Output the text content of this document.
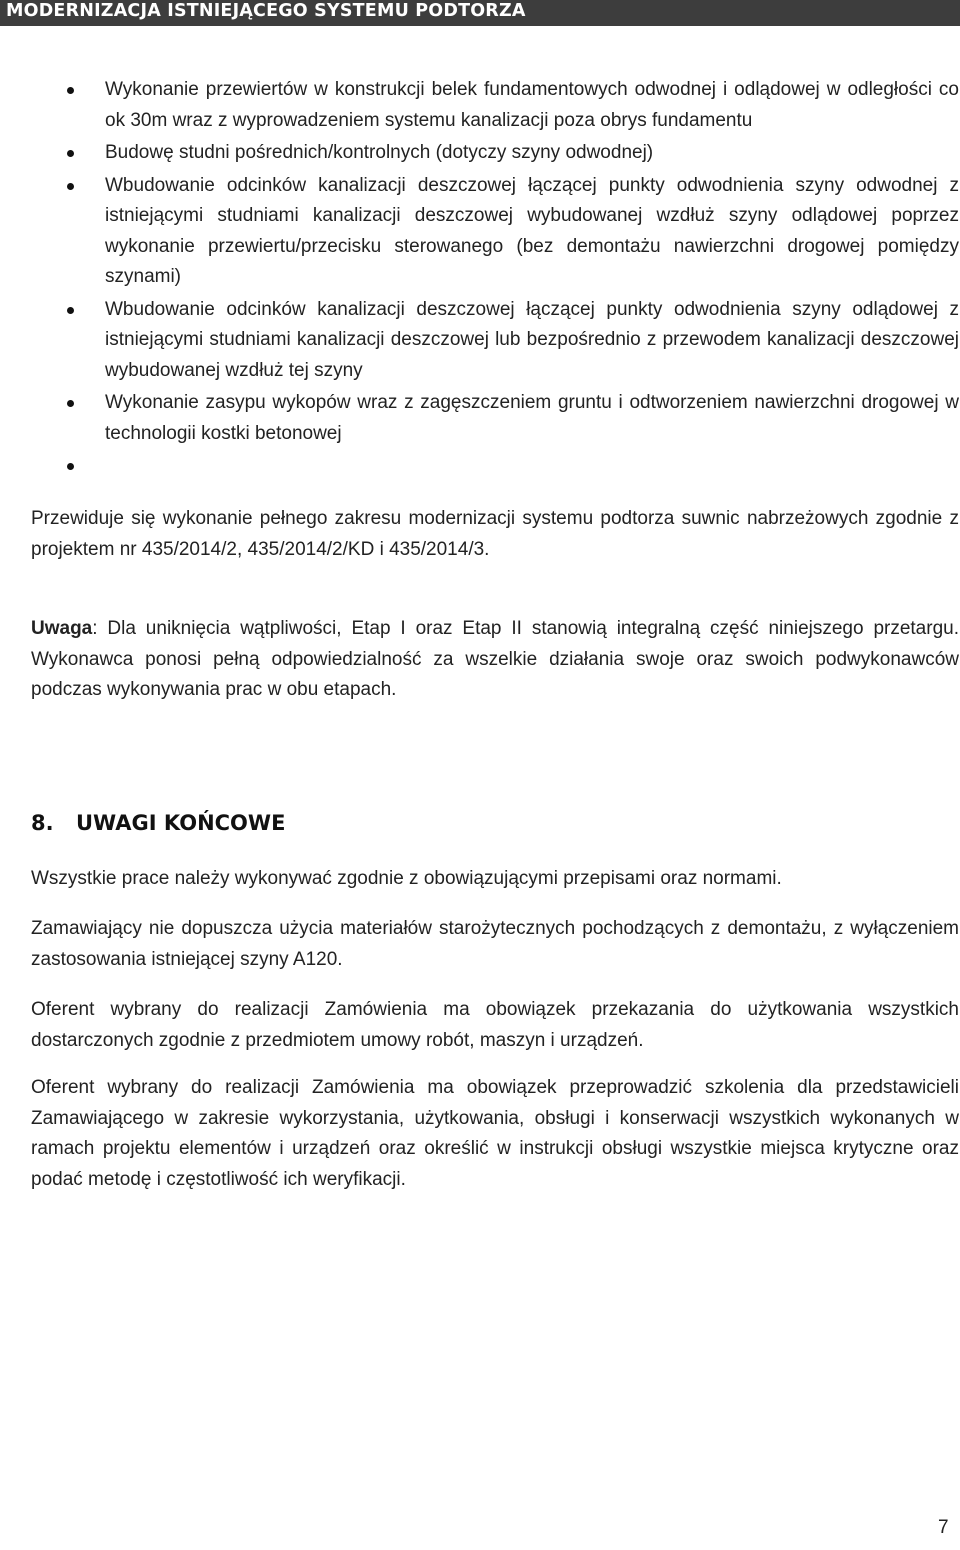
MODERNIZACJA ISTNIEJĄCEGO SYSTEMU PODTORZA
Wykonanie przewiertów w konstrukcji belek fundamentowych odwodnej i odlądowej w odległości co ok 30m wraz z wyprowadzeniem systemu kanalizacji poza obrys fundamentu
Budowę studni pośrednich/kontrolnych (dotyczy szyny odwodnej)
Wbudowanie odcinków kanalizacji deszczowej łączącej punkty odwodnienia szyny odwodnej z istniejącymi studniami kanalizacji deszczowej wybudowanej wzdłuż szyny odlądowej poprzez wykonanie przewiertu/przecisku sterowanego (bez demontażu nawierzchni drogowej pomiędzy szynami)
Wbudowanie odcinków kanalizacji deszczowej łączącej punkty odwodnienia szyny odlądowej z istniejącymi studniami kanalizacji deszczowej lub bezpośrednio z przewodem kanalizacji deszczowej wybudowanej wzdłuż tej szyny
Wykonanie zasypu wykopów wraz z zagęszczeniem gruntu i odtworzeniem nawierzchni drogowej w technologii kostki betonowej

Przewiduje się wykonanie pełnego zakresu modernizacji systemu podtorza suwnic nabrzeżowych zgodnie z projektem nr 435/2014/2, 435/2014/2/KD i 435/2014/3.

Uwaga: Dla uniknięcia wątpliwości, Etap I oraz Etap II stanowią integralną część niniejszego przetargu. Wykonawca ponosi pełną odpowiedzialność za wszelkie działania swoje oraz swoich podwykonawców podczas wykonywania prac w obu etapach.

8. UWAGI KOŃCOWE

Wszystkie prace należy wykonywać zgodnie z obowiązującymi przepisami oraz normami.

Zamawiający nie dopuszcza użycia materiałów starożytecznych pochodzących z demontażu, z wyłączeniem zastosowania istniejącej szyny A120.

Oferent wybrany do realizacji Zamówienia ma obowiązek przekazania do użytkowania wszystkich dostarczonych zgodnie z przedmiotem umowy robót, maszyn i urządzeń.

Oferent wybrany do realizacji Zamówienia ma obowiązek przeprowadzić szkolenia dla przedstawicieli Zamawiającego w zakresie wykorzystania, użytkowania, obsługi i konserwacji wszystkich wykonanych w ramach projektu elementów i urządzeń oraz określić w instrukcji obsługi wszystkie miejsca krytyczne oraz podać metodę i częstotliwość ich weryfikacji.

7
